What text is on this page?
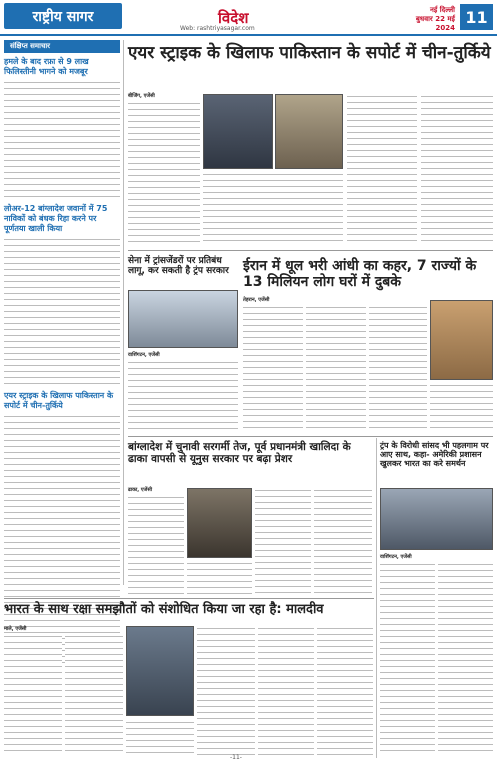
राष्ट्रीय सागर	विदेश
Web: rashtriyasagar.com
नई दिल्ली
बुधवार 22 मई 2024
11
संक्षिप्त समाचार
हमले के बाद रफ़ा से 9 लाख फिलिस्तीनी भागने को मजबूर
लोअर-12 बांग्लादेश जवानों में 75 नाविकों को बंधक रिहा करने पर पूर्णतया खाली किया
एयर स्ट्राइक के खिलाफ पाकिस्तान के सपोर्ट में चीन-तुर्किये
एयर स्ट्राइक के खिलाफ पाकिस्तान के सपोर्ट में चीन-तुर्किये
बीजिंग, एजेंसी
सेना में ट्रांसजेंडरों पर प्रतिबंध लागू, कर सकती है ट्रंप सरकार
वाशिंगटन, एजेंसी
ईरान में धूल भरी आंधी का कहर, 7 राज्यों के 13 मिलियन लोग घरों में दुबके
तेहरान, एजेंसी
बांग्लादेश में चुनावी सरगर्मी तेज, पूर्व प्रधानमंत्री खालिदा के ढाका वापसी से यूनुस सरकार पर बढ़ा प्रेशर
ढाका, एजेंसी
ट्रंप के विरोधी सांसद भी पहलगाम पर आए साथ, कहा- अमेरिकी प्रशासन खुलकर भारत का करे समर्थन
वाशिंगटन, एजेंसी
भारत के साथ रक्षा समझौतों को संशोधित किया जा रहा है: मालदीव
माले, एजेंसी
-11-
